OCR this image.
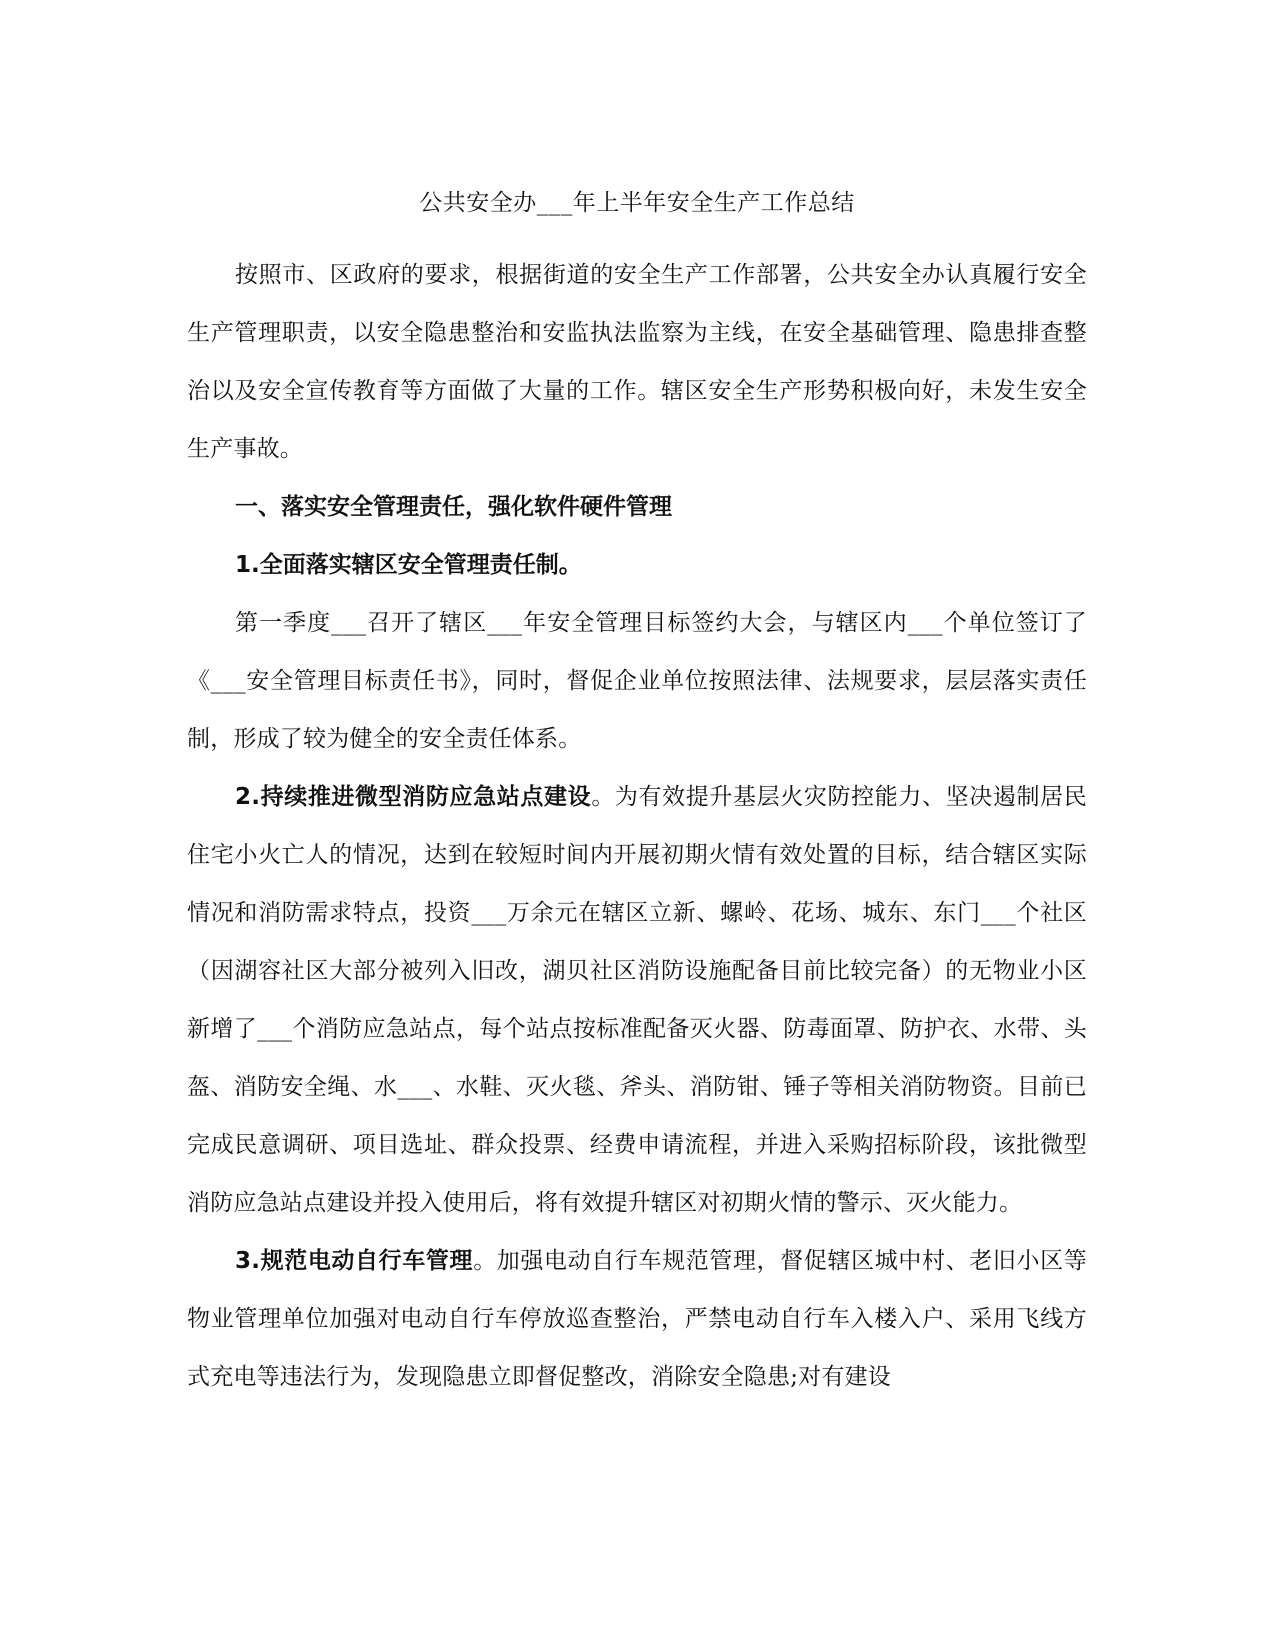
公共安全办___年上半年安全生产工作总结

按照市、区政府的要求，根据街道的安全生产工作部署，公共安全办认真履行安全生产管理职责，以安全隐患整治和安监执法监察为主线，在安全基础管理、隐患排查整治以及安全宣传教育等方面做了大量的工作。辖区安全生产形势积极向好，未发生安全生产事故。

一、落实安全管理责任，强化软件硬件管理

1.全面落实辖区安全管理责任制。

第一季度___召开了辖区___年安全管理目标签约大会，与辖区内___个单位签订了《___安全管理目标责任书》，同时，督促企业单位按照法律、法规要求，层层落实责任制，形成了较为健全的安全责任体系。

2.持续推进微型消防应急站点建设。为有效提升基层火灾防控能力、坚决遏制居民住宅小火亡人的情况，达到在较短时间内开展初期火情有效处置的目标，结合辖区实际情况和消防需求特点，投资___万余元在辖区立新、螺岭、花场、城东、东门___个社区（因湖容社区大部分被列入旧改，湖贝社区消防设施配备目前比较完备）的无物业小区新增了___个消防应急站点，每个站点按标准配备灭火器、防毒面罩、防护衣、水带、头盔、消防安全绳、水___、水鞋、灭火毯、斧头、消防钳、锤子等相关消防物资。目前已完成民意调研、项目选址、群众投票、经费申请流程，并进入采购招标阶段，该批微型消防应急站点建设并投入使用后，将有效提升辖区对初期火情的警示、灭火能力。

3.规范电动自行车管理。加强电动自行车规范管理，督促辖区城中村、老旧小区等物业管理单位加强对电动自行车停放巡查整治，严禁电动自行车入楼入户、采用飞线方式充电等违法行为，发现隐患立即督促整改，消除安全隐患;对有建设
